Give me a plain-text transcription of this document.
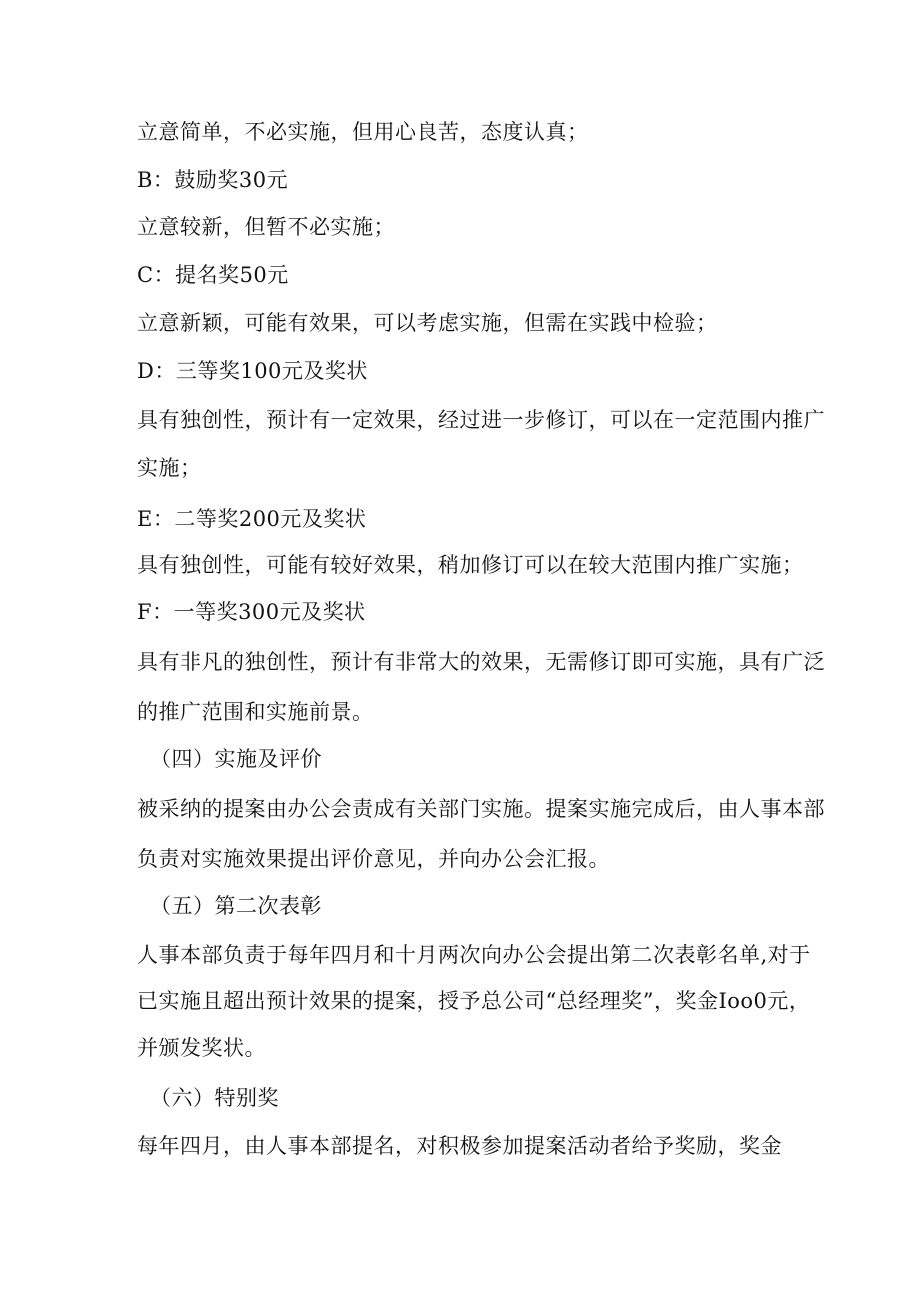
立意简单，不必实施，但用心良苦，态度认真；
B：鼓励奖30元
立意较新，但暂不必实施；
C：提名奖50元
立意新颖，可能有效果，可以考虑实施，但需在实践中检验；
D：三等奖100元及奖状
具有独创性，预计有一定效果，经过进一步修订，可以在一定范围内推广
实施；
E：二等奖200元及奖状
具有独创性，可能有较好效果，稍加修订可以在较大范围内推广实施；
F：一等奖300元及奖状
具有非凡的独创性，预计有非常大的效果，无需修订即可实施，具有广泛
的推广范围和实施前景。
（四）实施及评价
被采纳的提案由办公会责成有关部门实施。提案实施完成后，由人事本部
负责对实施效果提出评价意见，并向办公会汇报。
（五）第二次表彰
人事本部负责于每年四月和十月两次向办公会提出第二次表彰名单,对于
已实施且超出预计效果的提案，授予总公司“总经理奖”，奖金Ioo0元，
并颁发奖状。
（六）特别奖
每年四月，由人事本部提名，对积极参加提案活动者给予奖励，奖金
